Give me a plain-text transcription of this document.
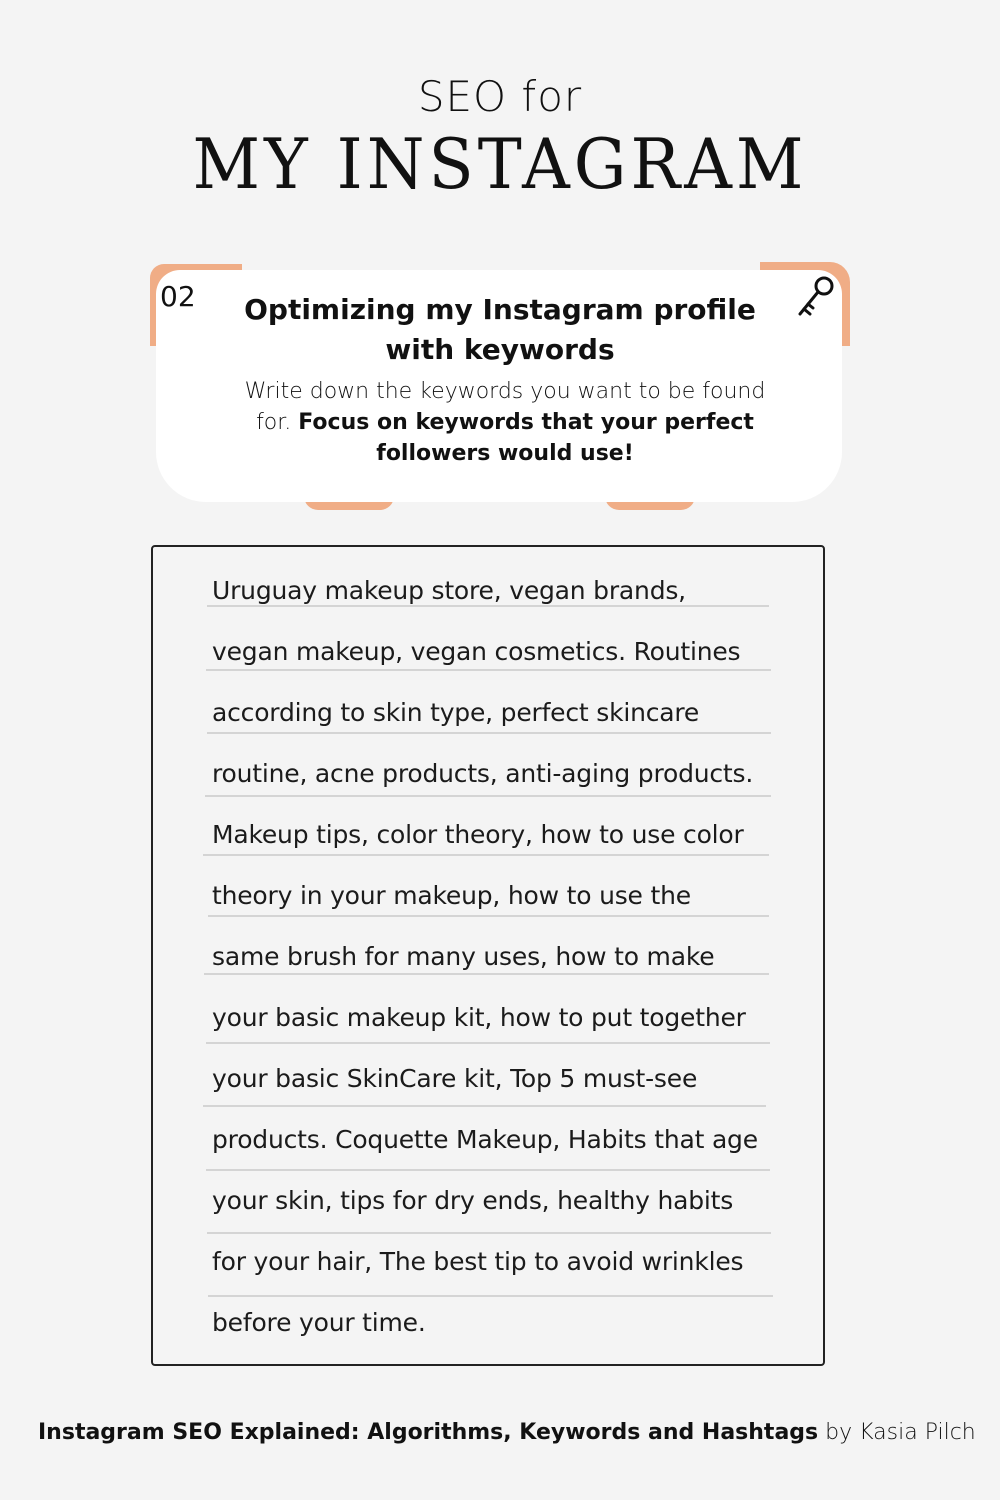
SEO for
MY INSTAGRAM
02	Optimizing my Instagram profile with keywords
Write down the keywords you want to be found for. Focus on keywords that your perfect followers would use!
Uruguay makeup store, vegan brands,
vegan makeup, vegan cosmetics. Routines
according to skin type, perfect skincare
routine, acne products, anti-aging products.
Makeup tips, color theory, how to use color
theory in your makeup, how to use the
same brush for many uses, how to make
your basic makeup kit, how to put together
your basic SkinCare kit, Top 5 must-see
products. Coquette Makeup, Habits that age
your skin, tips for dry ends, healthy habits
for your hair, The best tip to avoid wrinkles
before your time.
Instagram SEO Explained: Algorithms, Keywords and Hashtags by Kasia Pilch
